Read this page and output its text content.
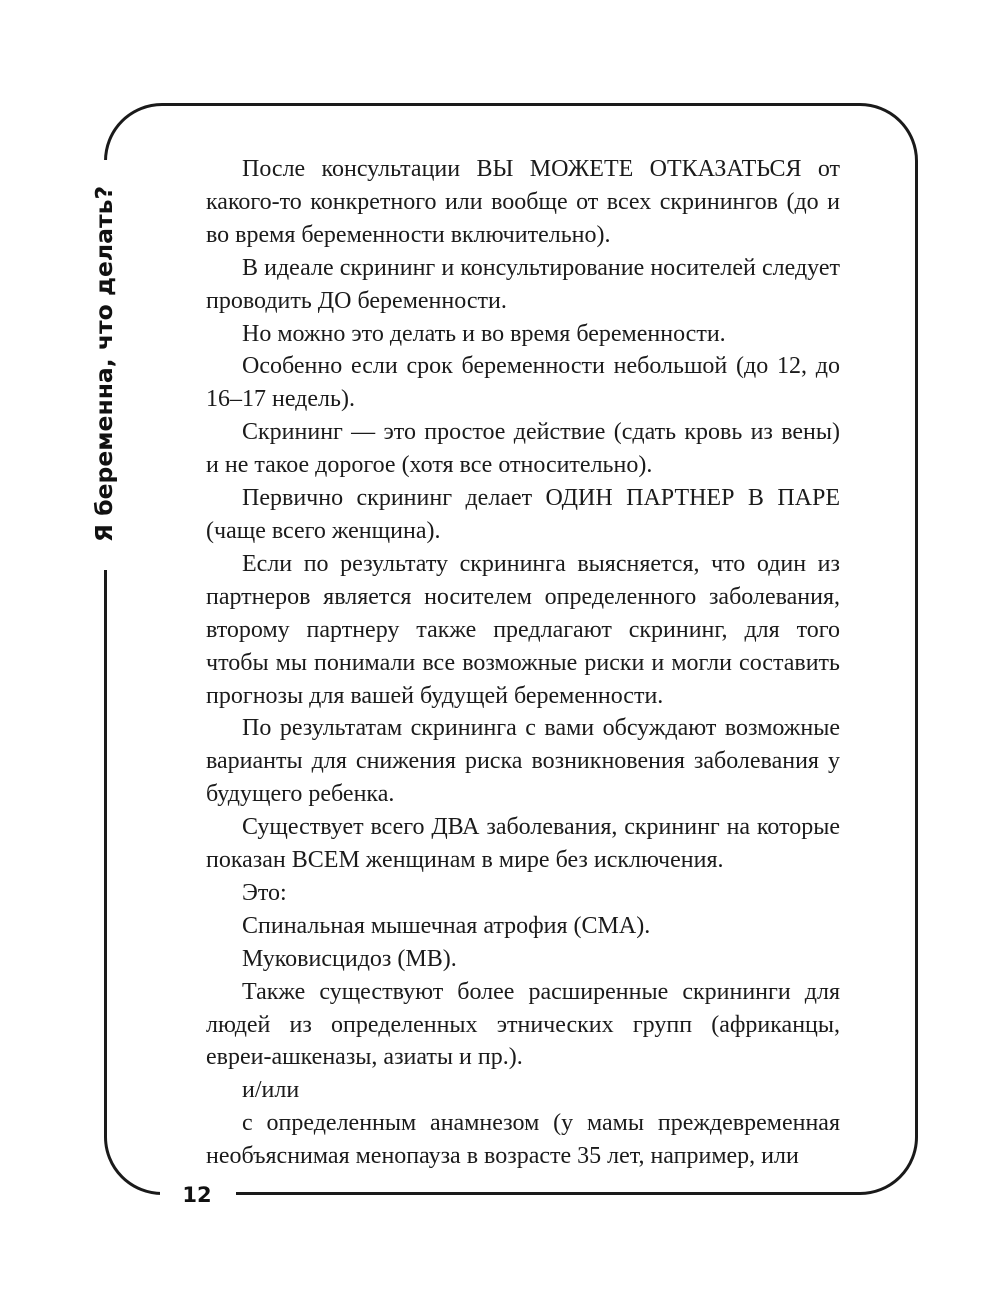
Я беременна, что делать?
12

После консультации ВЫ МОЖЕТЕ ОТКАЗАТЬСЯ от какого-то конкретного или вообще от всех скринингов (до и во время беременности включительно).

В идеале скрининг и консультирование носителей следует проводить ДО беременности.

Но можно это делать и во время беременности.

Особенно если срок беременности небольшой (до 12, до 16–17 недель).

Скрининг — это простое действие (сдать кровь из вены) и не такое дорогое (хотя все относительно).

Первично скрининг делает ОДИН ПАРТНЕР В ПАРЕ (чаще всего женщина).

Если по результату скрининга выясняется, что один из партнеров является носителем определенного заболевания, второму партнеру также предлагают скрининг, для того чтобы мы понимали все возможные риски и могли составить прогнозы для вашей будущей беременности.

По результатам скрининга с вами обсуждают возможные варианты для снижения риска возникновения заболевания у будущего ребенка.

Существует всего ДВА заболевания, скрининг на которые показан ВСЕМ женщинам в мире без исключения.

Это:

Спинальная мышечная атрофия (СМА).

Муковисцидоз (МВ).

Также существуют более расширенные скрининги для людей из определенных этнических групп (африканцы, евреи-ашкеназы, азиаты и пр.).

и/или

с определенным анамнезом (у мамы преждевременная необъяснимая менопауза в возрасте 35 лет, например, или
